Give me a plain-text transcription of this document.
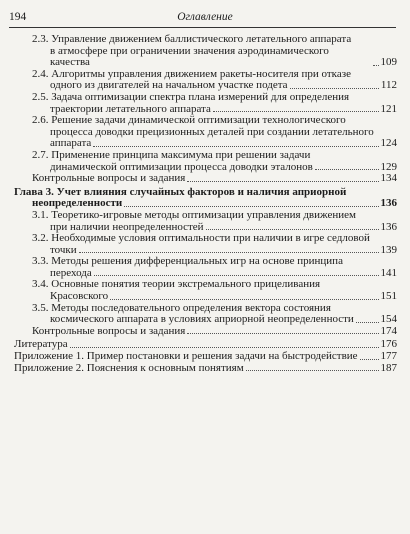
194	Оглавление
2.3. Управление движением баллистического летательного аппарата
в атмосфере при ограничении значения аэродинамического качества	109
2.4. Алгоритмы управления движением ракеты-носителя при отказе
одного из двигателей на начальном участке подета	112
2.5. Задача оптимизации спектра плана измерений для определения
траектории летательного аппарата	121
2.6. Решение задачи динамической оптимизации технологического
процесса доводки прецизионных деталей при создании летательного
аппарата	124
2.7. Применение принципа максимума при решении задачи
динамической оптимизации процесса доводки эталонов	129
Контрольные вопросы и задания	134
Глава 3. Учет влияния случайных факторов и наличия априорной
неопределенности	136
3.1. Теоретико-игровые методы оптимизации управления движением
при наличии неопределенностей	136
3.2. Необходимые условия оптимальности при наличии в игре седловой
точки	139
3.3. Методы решения дифференциальных игр на основе принципа
перехода	141
3.4. Основные понятия теории экстремального прицеливания
Красовского	151
3.5. Методы последовательного определения вектора состояния
космического аппарата в условиях априорной неопределенности 154
Контрольные вопросы и задания	174
Литература	176
Приложение 1. Пример постановки и решения задачи на быстродействие 177
Приложение 2. Пояснения к основным понятиям	187
